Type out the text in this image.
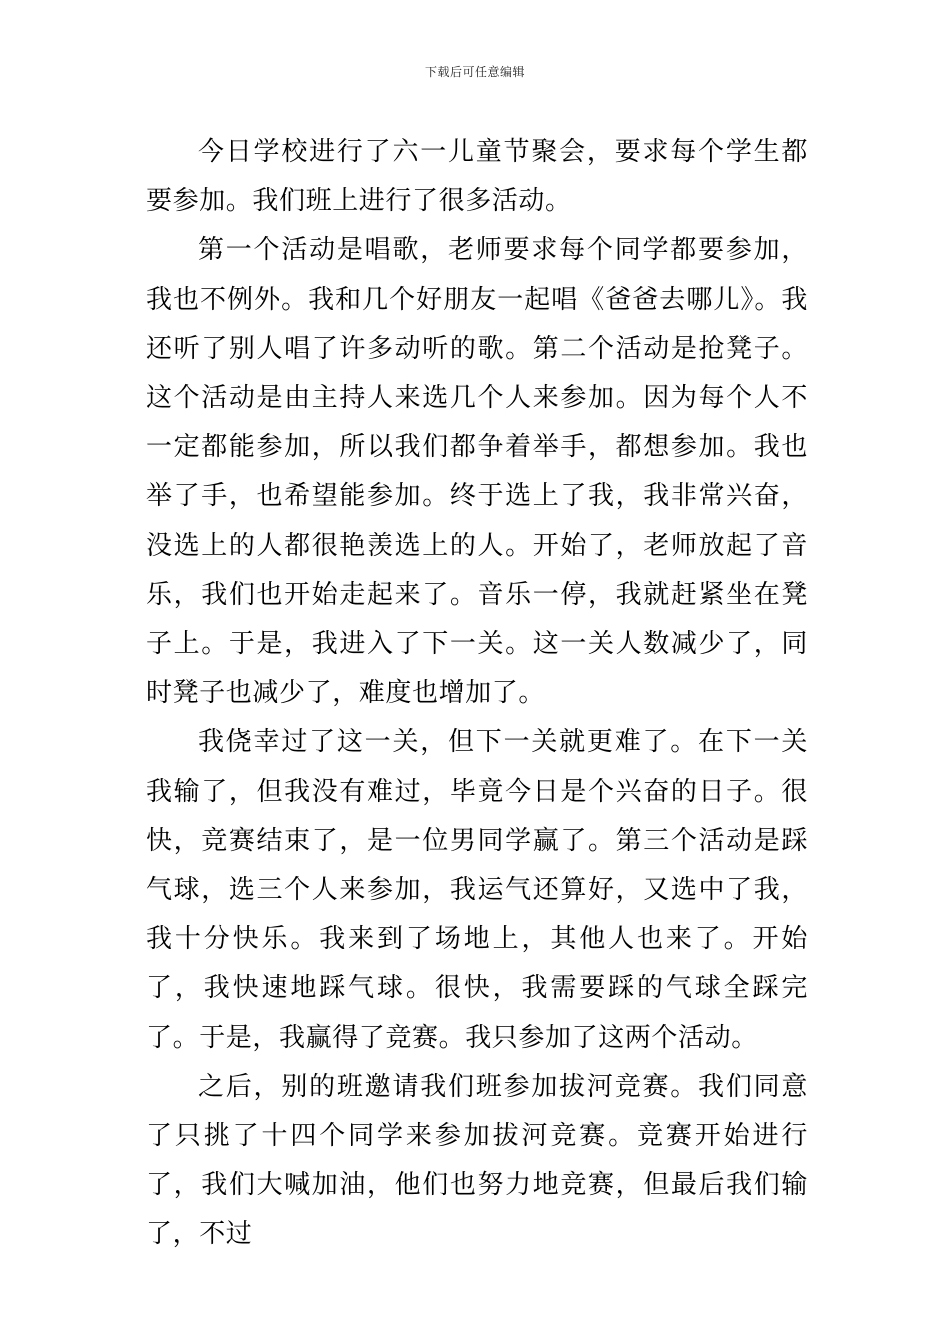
下载后可任意编辑

今日学校进行了六一儿童节聚会，要求每个学生都要参加。我们班上进行了很多活动。

第一个活动是唱歌，老师要求每个同学都要参加，我也不例外。我和几个好朋友一起唱《爸爸去哪儿》。我还听了别人唱了许多动听的歌。第二个活动是抢凳子。这个活动是由主持人来选几个人来参加。因为每个人不一定都能参加，所以我们都争着举手，都想参加。我也举了手，也希望能参加。终于选上了我，我非常兴奋，没选上的人都很艳羡选上的人。开始了，老师放起了音乐，我们也开始走起来了。音乐一停，我就赶紧坐在凳子上。于是，我进入了下一关。这一关人数减少了，同时凳子也减少了，难度也增加了。

我侥幸过了这一关，但下一关就更难了。在下一关我输了，但我没有难过，毕竟今日是个兴奋的日子。很快，竞赛结束了，是一位男同学赢了。第三个活动是踩气球，选三个人来参加，我运气还算好，又选中了我，我十分快乐。我来到了场地上，其他人也来了。开始了，我快速地踩气球。很快，我需要踩的气球全踩完了。于是，我赢得了竞赛。我只参加了这两个活动。

之后，别的班邀请我们班参加拔河竞赛。我们同意了只挑了十四个同学来参加拔河竞赛。竞赛开始进行了，我们大喊加油，他们也努力地竞赛，但最后我们输了，不过
